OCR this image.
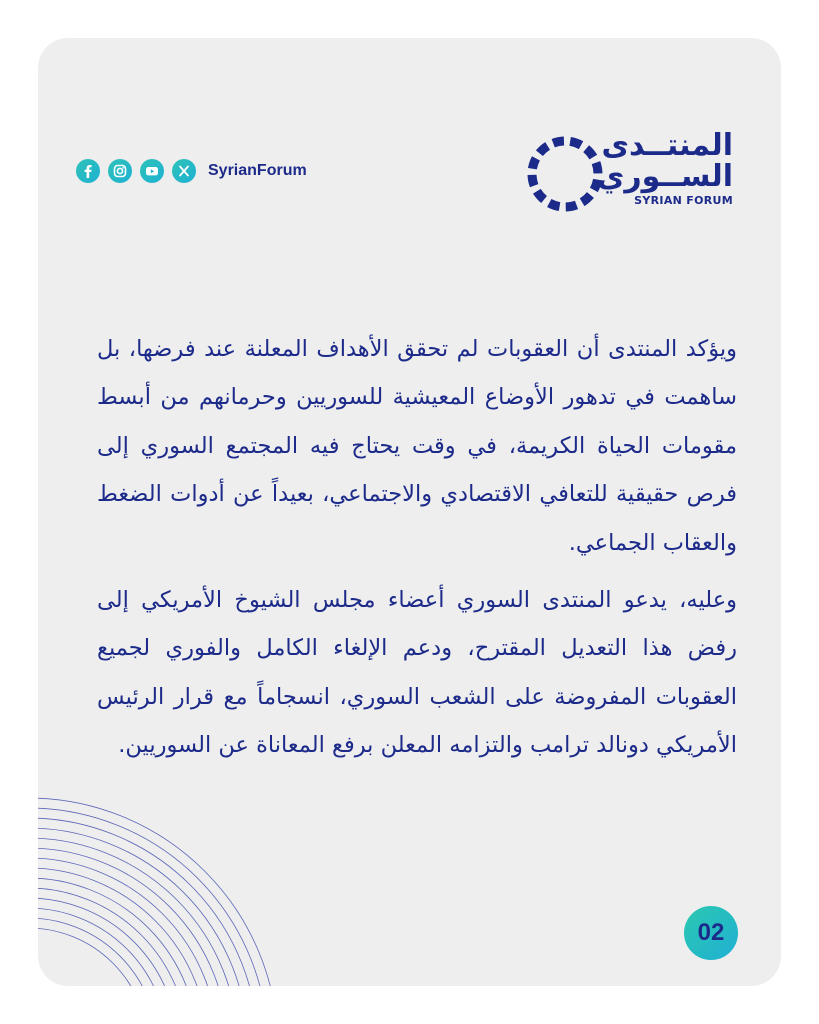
المنتــدى
الســوري
SYRIAN FORUM
SyrianForum

ويؤكد المنتدى أن العقوبات لم تحقق الأهداف المعلنة عند فرضها، بل ساهمت في تدهور الأوضاع المعيشية للسوريين وحرمانهم من أبسط مقومات الحياة الكريمة، في وقت يحتاج فيه المجتمع السوري إلى فرص حقيقية للتعافي الاقتصادي والاجتماعي، بعيداً عن أدوات الضغط والعقاب الجماعي.

وعليه، يدعو المنتدى السوري أعضاء مجلس الشيوخ الأمريكي إلى رفض هذا التعديل المقترح، ودعم الإلغاء الكامل والفوري لجميع العقوبات المفروضة على الشعب السوري، انسجاماً مع قرار الرئيس الأمريكي دونالد ترامب والتزامه المعلن برفع المعاناة عن السوريين.

02
